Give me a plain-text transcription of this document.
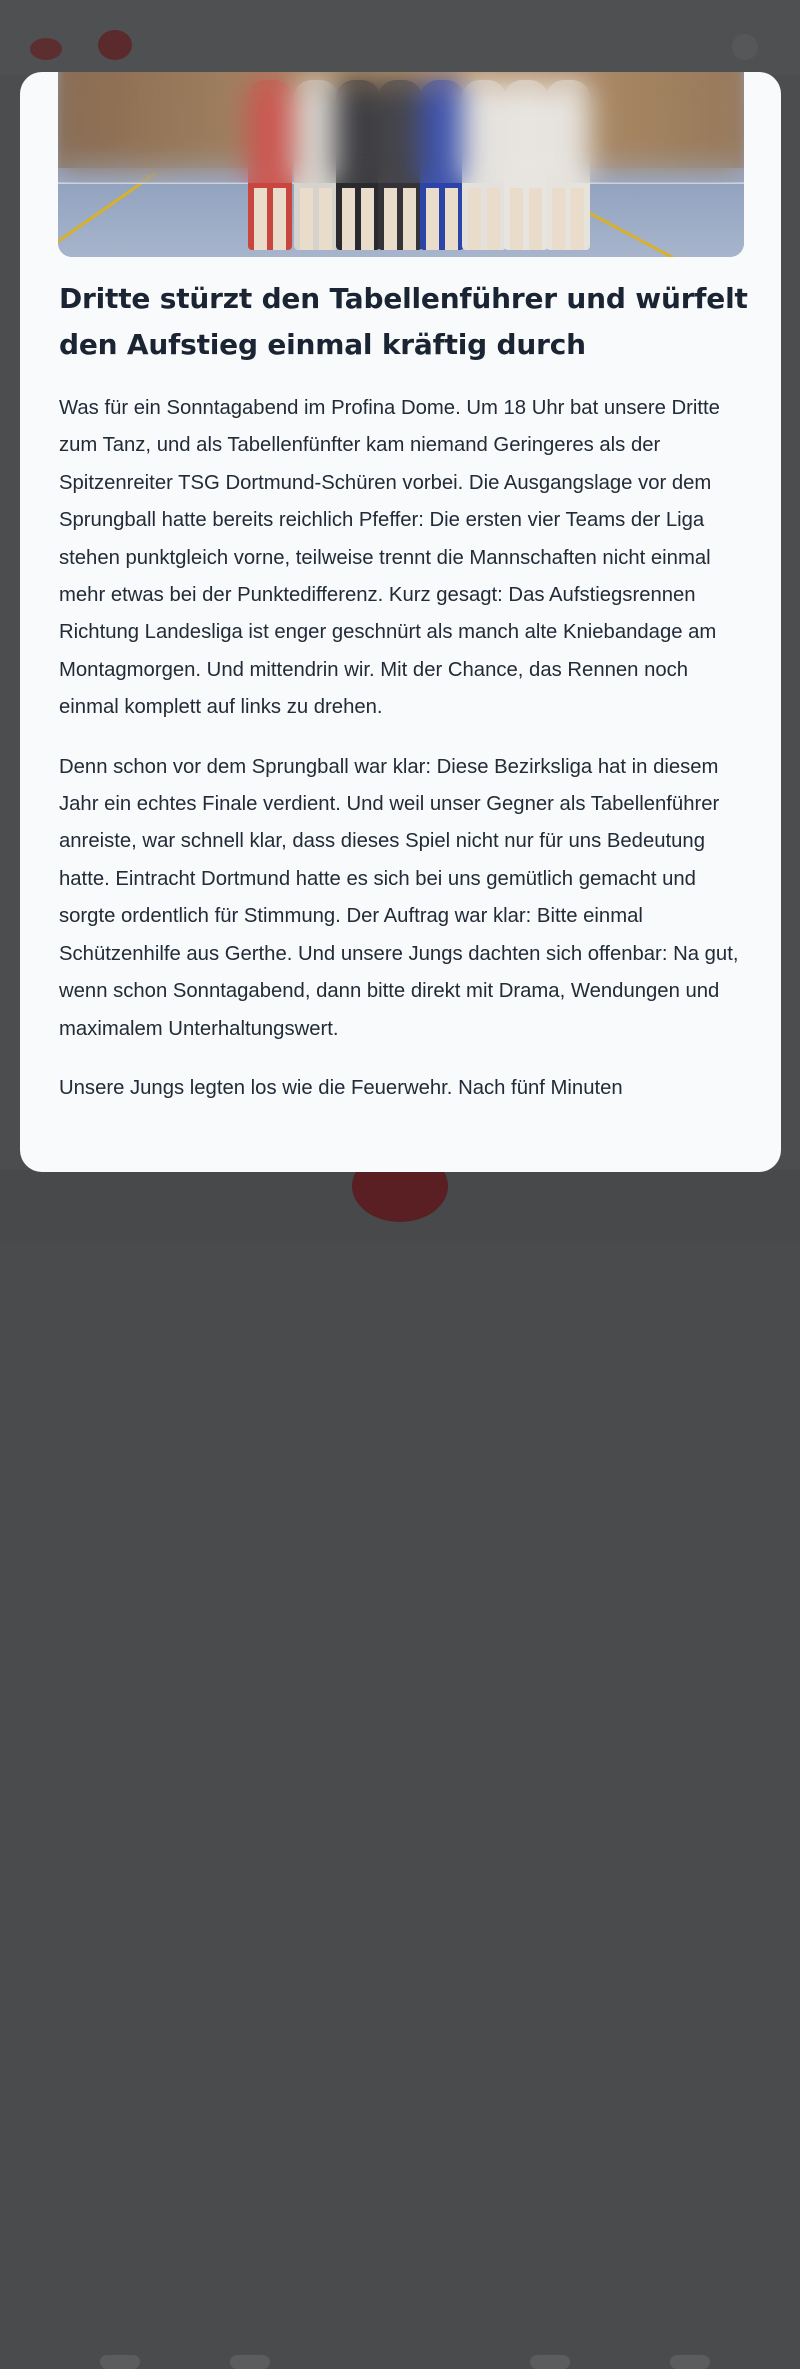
Dritte stürzt den Tabellenführer und würfelt den Aufstieg einmal kräftig durch

Was für ein Sonntagabend im Profina Dome. Um 18 Uhr bat unsere Dritte zum Tanz, und als Tabellenfünfter kam niemand Geringeres als der Spitzenreiter TSG Dortmund-Schüren vorbei. Die Ausgangslage vor dem Sprungball hatte bereits reichlich Pfeffer: Die ersten vier Teams der Liga stehen punktgleich vorne, teilweise trennt die Mannschaften nicht einmal mehr etwas bei der Punktedifferenz. Kurz gesagt: Das Aufstiegsrennen Richtung Landesliga ist enger geschnürt als manch alte Kniebandage am Montagmorgen. Und mittendrin wir. Mit der Chance, das Rennen noch einmal komplett auf links zu drehen.

Denn schon vor dem Sprungball war klar: Diese Bezirksliga hat in diesem Jahr ein echtes Finale verdient. Und weil unser Gegner als Tabellenführer anreiste, war schnell klar, dass dieses Spiel nicht nur für uns Bedeutung hatte. Eintracht Dortmund hatte es sich bei uns gemütlich gemacht und sorgte ordentlich für Stimmung. Der Auftrag war klar: Bitte einmal Schützenhilfe aus Gerthe. Und unsere Jungs dachten sich offenbar: Na gut, wenn schon Sonntagabend, dann bitte direkt mit Drama, Wendungen und maximalem Unterhaltungswert.

Unsere Jungs legten los wie die Feuerwehr. Nach fünf Minuten
